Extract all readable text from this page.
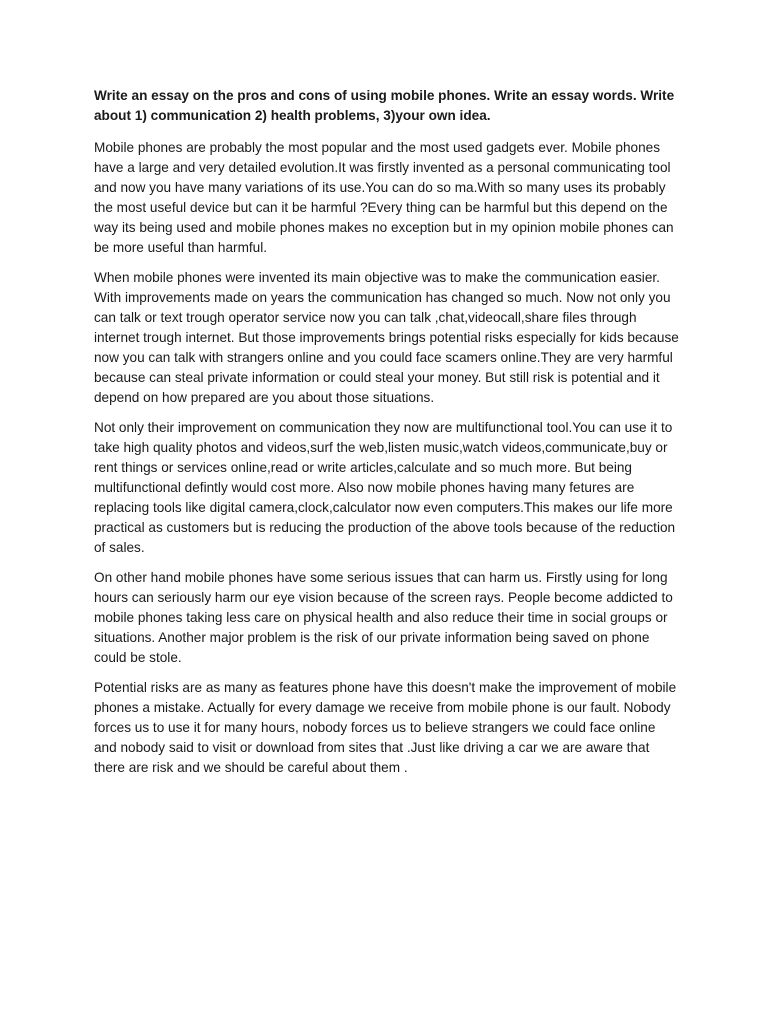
Write an essay on the pros and cons of using mobile phones. Write an essay words. Write about 1) communication 2) health problems, 3)your own idea.

Mobile phones are probably the most popular and the most used gadgets ever. Mobile phones have a large and very detailed evolution.It was firstly invented as a personal communicating tool and now you have many variations of its use.You can do so ma.With so many uses its probably the most useful device but can it be harmful ?Every thing can be harmful but this depend on the way its being used and mobile phones makes no exception but in my opinion mobile phones can be more useful than harmful.

When mobile phones were invented its main objective was to make the communication easier. With improvements made on years the communication has changed so much. Now not only you can talk or text trough operator service now you can talk ,chat,videocall,share files through internet trough internet. But those improvements brings potential risks especially for kids because now you can talk with strangers online and you could face scamers online.They are very harmful because can steal private information or could steal your money. But still risk is potential and it depend on how prepared are you about those situations.

Not only their improvement on communication they now are multifunctional tool.You can use it to take high quality photos and videos,surf the web,listen music,watch videos,communicate,buy or rent things or services online,read or write articles,calculate and so much more. But being multifunctional defintly would cost more. Also now mobile phones having many fetures are replacing tools like digital camera,clock,calculator now even computers.This makes our life more practical as customers but is reducing the production of the above tools because of the reduction of sales.

On other hand mobile phones have some serious issues that can harm us. Firstly using for long hours can seriously harm our eye vision because of the screen rays. People become addicted to mobile phones taking less care on physical health and also reduce their time in social groups or situations. Another major problem is the risk of our private information being saved on phone could be stole.

Potential risks are as many as features phone have this doesn't make the improvement of mobile phones a mistake. Actually for every damage we receive from mobile phone is our fault. Nobody forces us to use it for many hours, nobody forces us to believe strangers we could face online and nobody said to visit or download from sites that .Just like driving a car we are aware that there are risk and we should be careful about them .
